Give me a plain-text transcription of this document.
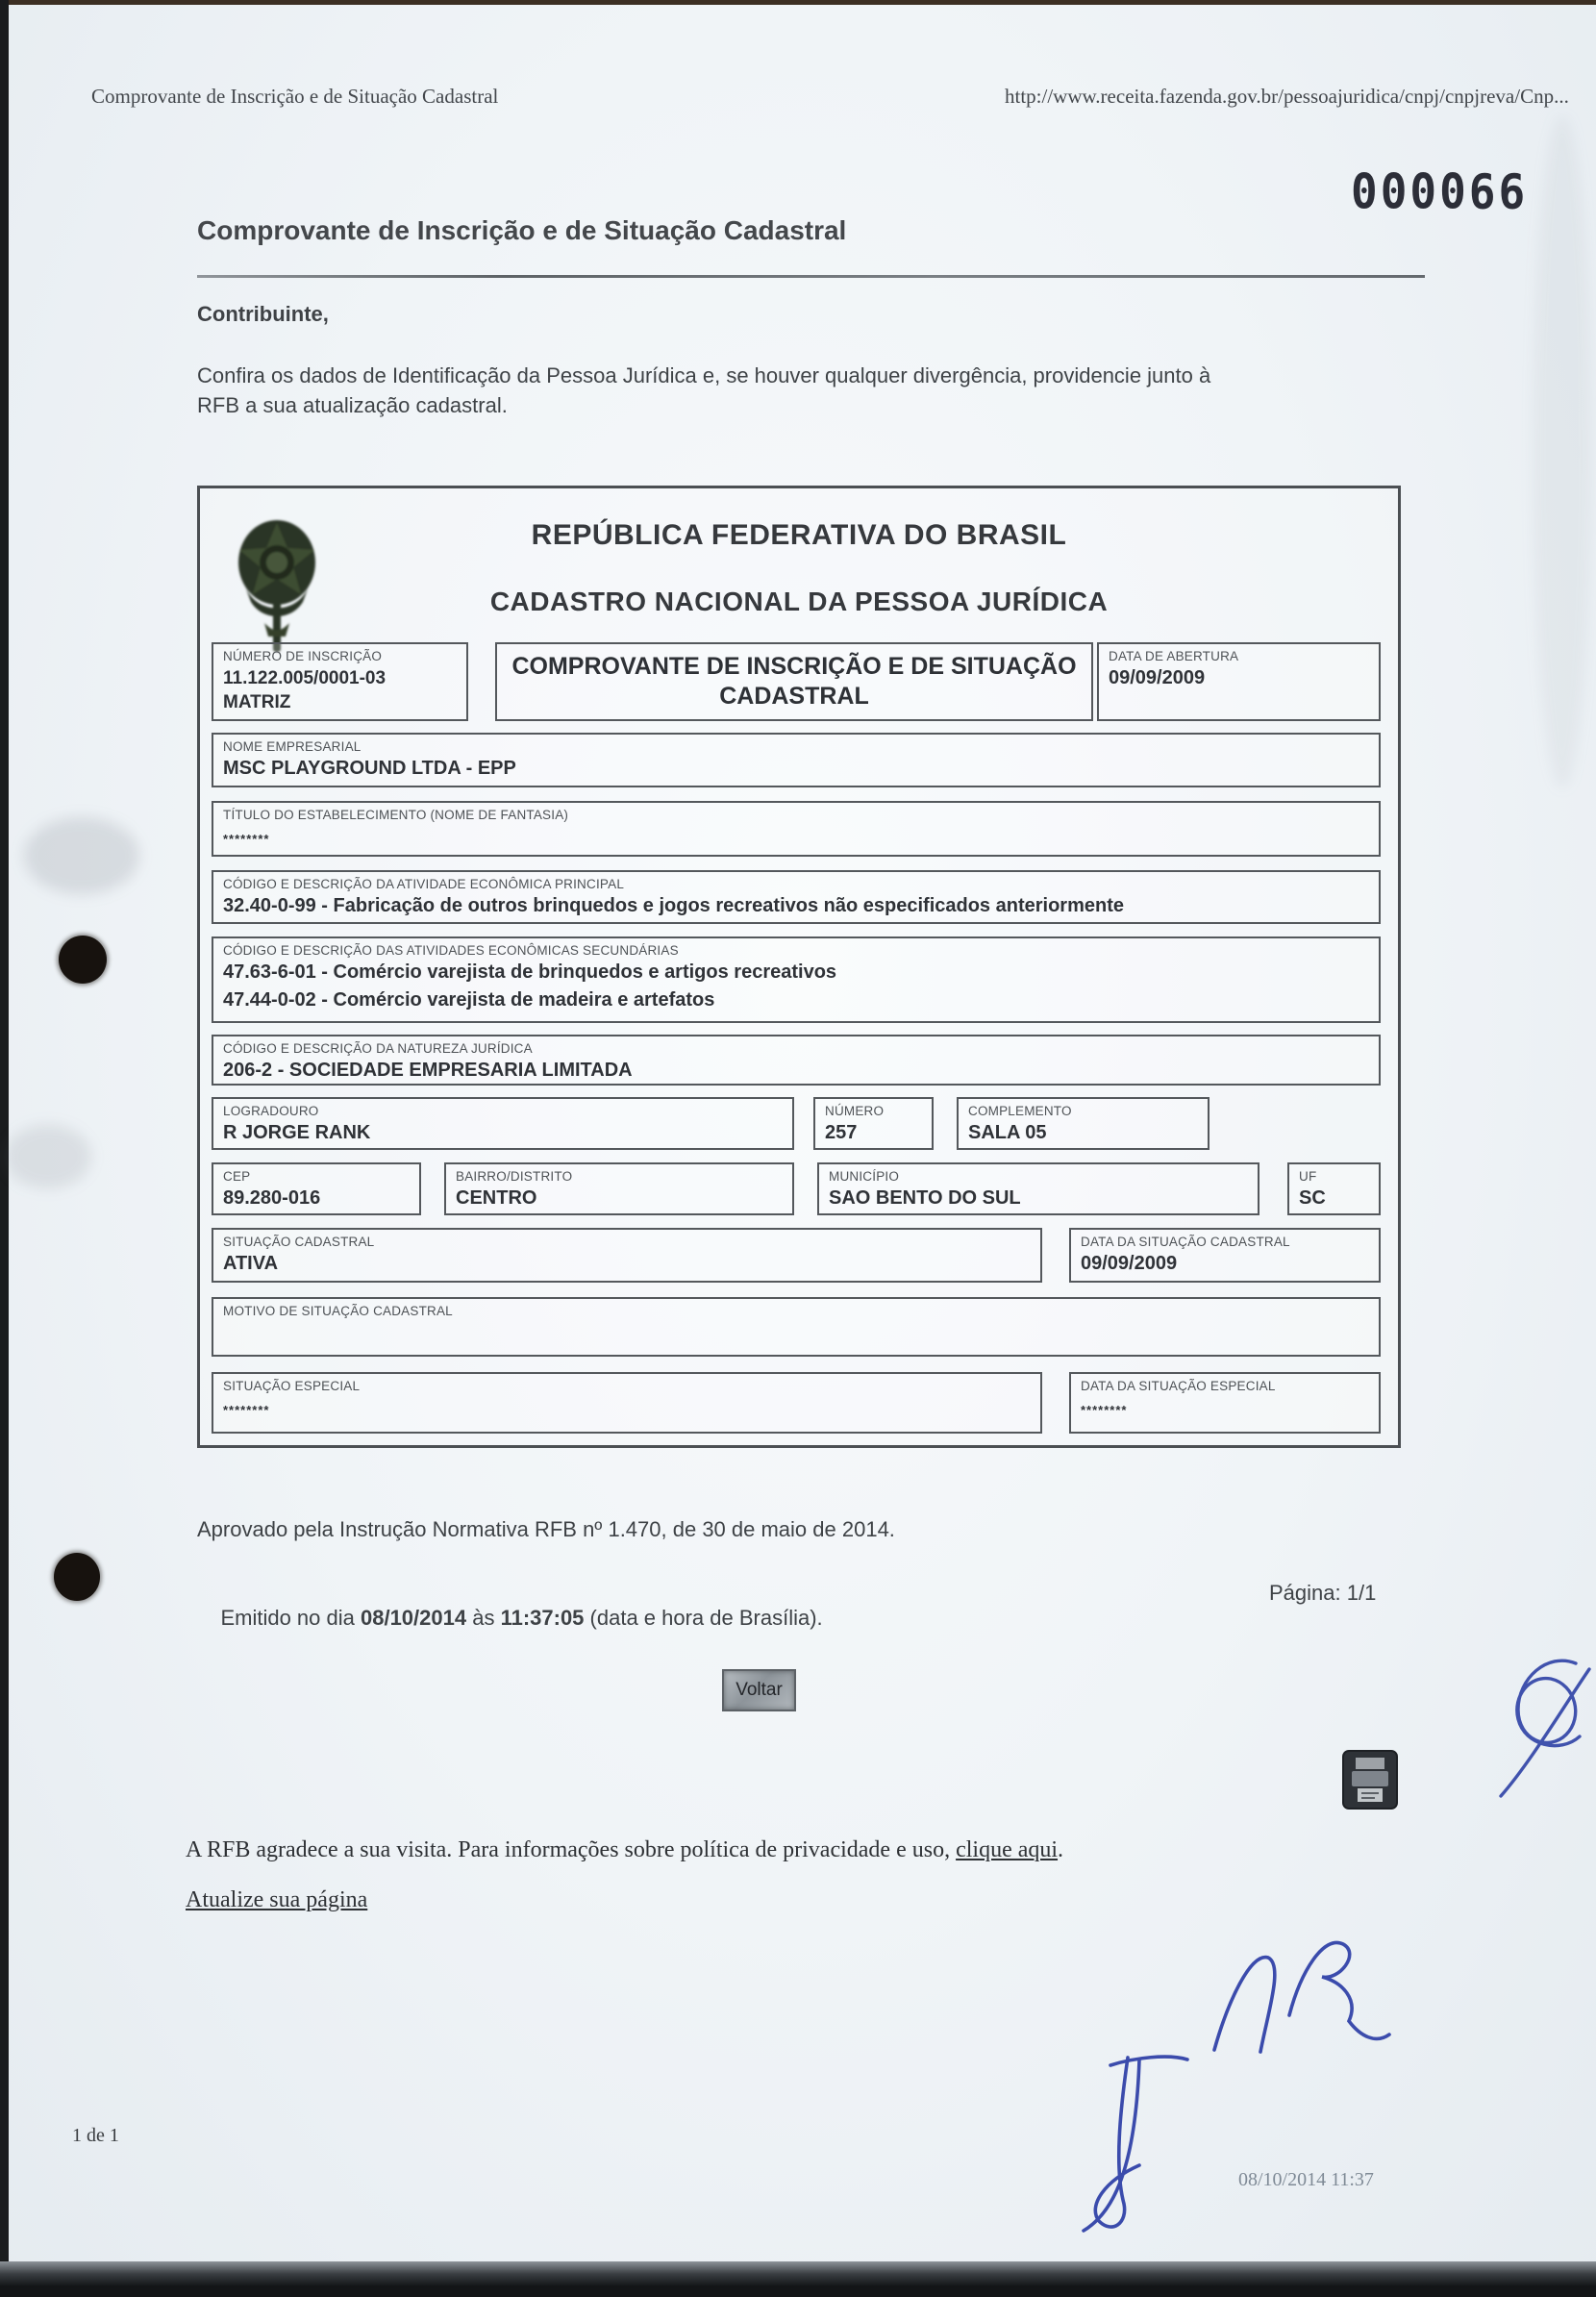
Comprovante de Inscrição e de Situação Cadastral	http://www.receita.fazenda.gov.br/pessoajuridica/cnpj/cnpjreva/Cnp...
000066
Comprovante de Inscrição e de Situação Cadastral
Contribuinte,
Confira os dados de Identificação da Pessoa Jurídica e, se houver qualquer divergência, providencie junto à
RFB a sua atualização cadastral.
REPÚBLICA FEDERATIVA DO BRASIL
CADASTRO NACIONAL DA PESSOA JURÍDICA
NÚMERO DE INSCRIÇÃO
11.122.005/0001-03
MATRIZ
COMPROVANTE DE INSCRIÇÃO E DE SITUAÇÃO
CADASTRAL
DATA DE ABERTURA
09/09/2009
NOME EMPRESARIAL
MSC PLAYGROUND LTDA - EPP
TÍTULO DO ESTABELECIMENTO (NOME DE FANTASIA)
********
CÓDIGO E DESCRIÇÃO DA ATIVIDADE ECONÔMICA PRINCIPAL
32.40-0-99 - Fabricação de outros brinquedos e jogos recreativos não especificados anteriormente
CÓDIGO E DESCRIÇÃO DAS ATIVIDADES ECONÔMICAS SECUNDÁRIAS
47.63-6-01 - Comércio varejista de brinquedos e artigos recreativos
47.44-0-02 - Comércio varejista de madeira e artefatos
CÓDIGO E DESCRIÇÃO DA NATUREZA JURÍDICA
206-2 - SOCIEDADE EMPRESARIA LIMITADA
LOGRADOURO
R JORGE RANK
NÚMERO
257
COMPLEMENTO
SALA 05
CEP
89.280-016
BAIRRO/DISTRITO
CENTRO
MUNICÍPIO
SAO BENTO DO SUL
UF
SC
SITUAÇÃO CADASTRAL
ATIVA
DATA DA SITUAÇÃO CADASTRAL
09/09/2009
MOTIVO DE SITUAÇÃO CADASTRAL
SITUAÇÃO ESPECIAL
********
DATA DA SITUAÇÃO ESPECIAL
********
Aprovado pela Instrução Normativa RFB nº 1.470, de 30 de maio de 2014.

Emitido no dia 08/10/2014 às 11:37:05 (data e hora de Brasília).

Página: 1/1
Voltar
A RFB agradece a sua visita. Para informações sobre política de privacidade e uso, clique aqui.
Atualize sua página
1 de 1
08/10/2014 11:37
